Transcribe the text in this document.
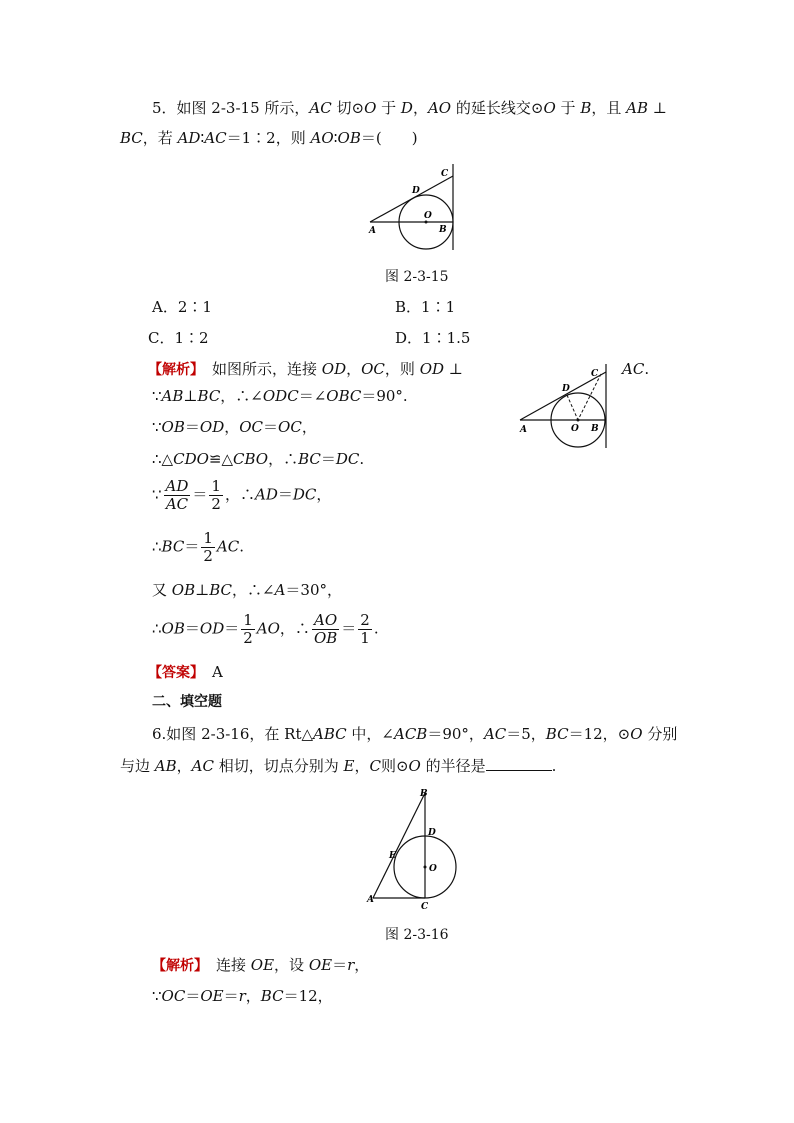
5．如图 2-3-15 所示，AC 切⊙O 于 D，AO 的延长线交⊙O 于 B，且 AB ⊥
BC，若 AD∶AC＝1∶2，则 AO∶OB＝(　　)
A	B
C
D
O
图 2-3-15
A．2∶1	B．1∶1
C．1∶2	D．1∶1.5
【解析】　如图所示，连接 OD，OC，则 OD ⊥	AC.
A	B
C
D
O
∵AB⊥BC，∴∠ODC＝∠OBC＝90°.
∵OB＝OD，OC＝OC，
∴△CDO≌△CBO，∴BC＝DC.
∵ $\frac{AD}{AC} = \frac{1}{2}$ ，∴AD＝DC，
∴BC＝ $\frac{1}{2}$ AC.
又 OB⊥BC，∴∠A＝30°，
∴OB＝OD＝ $\frac{1}{2}$ AO，∴ $\frac{AO}{OB} = \frac{2}{1}$ .
【答案】　A
二、填空题
6.如图 2-3-16，在 Rt△ABC 中，∠ACB＝90°，AC＝5，BC＝12，⊙O 分别
与边 AB，AC 相切，切点分别为 E，C则⊙O 的半径是	.
A
B
C
D
E
O
图 2-3-16
【解析】　连接 OE，设 OE＝r，
∵OC＝OE＝r，BC＝12，
